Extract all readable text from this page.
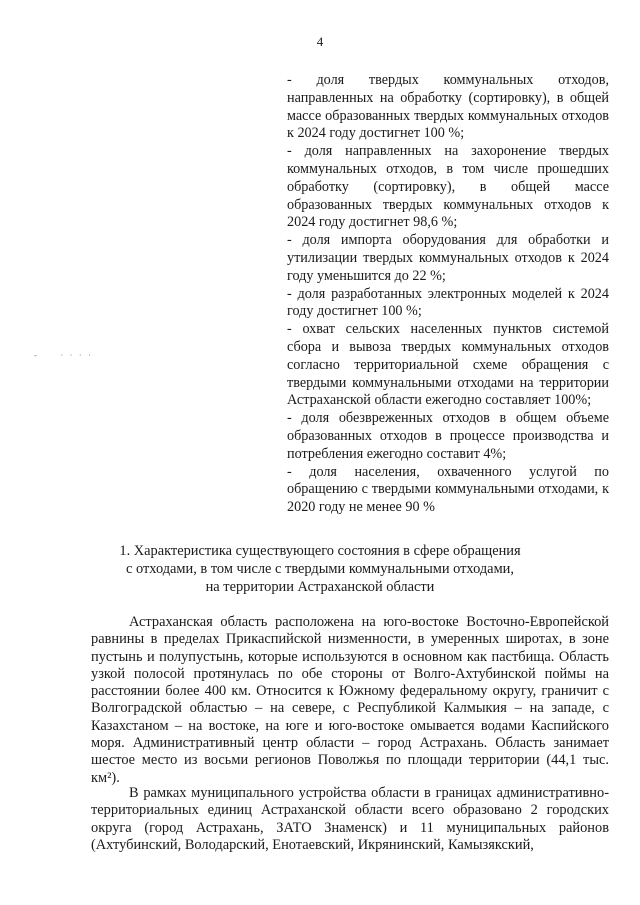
4
- доля твердых коммунальных отходов, направленных на обработку (сортировку), в общей массе образованных твердых коммунальных отходов к 2024 году достигнет 100 %;
- доля направленных на захоронение твердых коммунальных отходов, в том числе прошедших обработку (сортировку), в общей массе образованных твердых коммунальных отходов к 2024 году достигнет 98,6 %;
- доля импорта оборудования для обработки и утилизации твердых коммунальных отходов к 2024 году уменьшится до 22 %;
- доля разработанных электронных моделей к 2024 году достигнет 100 %;
- охват сельских населенных пунктов системой сбора и вывоза твердых коммунальных отходов согласно территориальной схеме обращения с твердыми коммунальными отходами на территории Астраханской области ежегодно составляет 100%;
- доля обезвреженных отходов в общем объеме образованных отходов в процессе производства и потребления ежегодно составит 4%;
- доля населения, охваченного услугой по обращению с твердыми коммунальными отходами, к 2020 году не менее 90 %
‐     · · · ·
1. Характеристика существующего состояния в сфере обращения
с отходами, в том числе с твердыми коммунальными отходами,
на территории Астраханской области

Астраханская область расположена на юго-востоке Восточно-Европейской равнины в пределах Прикаспийской низменности, в умеренных широтах, в зоне пустынь и полупустынь, которые используются в основном как пастбища. Область узкой полосой протянулась по обе стороны от Волго-Ахтубинской поймы на расстоянии более 400 км. Относится к Южному федеральному округу, граничит с Волгоградской областью – на севере, с Республикой Калмыкия – на западе, с Казахстаном – на востоке, на юге и юго-востоке омывается водами Каспийского моря. Административный центр области – город Астрахань. Область занимает шестое место из восьми регионов Поволжья по площади территории (44,1 тыс. км²).

В рамках муниципального устройства области в границах административно-территориальных единиц Астраханской области всего образовано 2 городских округа (город Астрахань, ЗАТО Знаменск) и 11 муниципальных районов (Ахтубинский, Володарский, Енотаевский, Икрянинский, Камызякский,
